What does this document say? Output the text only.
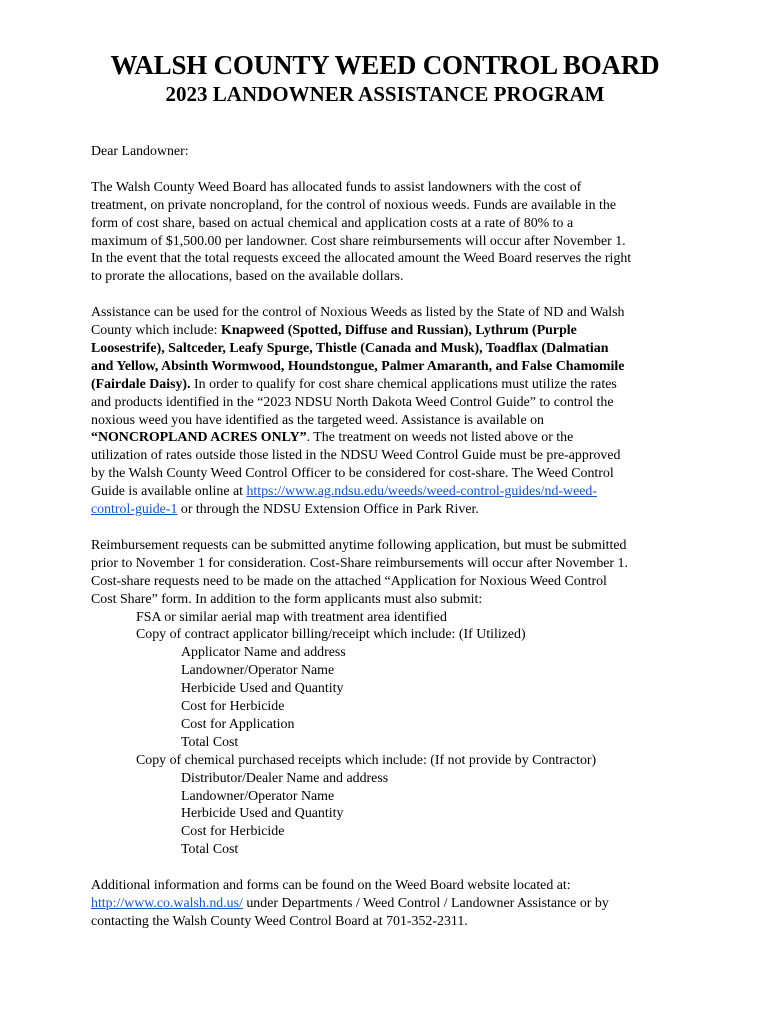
WALSH COUNTY WEED CONTROL BOARD
2023 LANDOWNER ASSISTANCE PROGRAM

Dear Landowner:

The Walsh County Weed Board has allocated funds to assist landowners with the cost of
treatment, on private noncropland, for the control of noxious weeds. Funds are available in the
form of cost share, based on actual chemical and application costs at a rate of 80% to a
maximum of $1,500.00 per landowner. Cost share reimbursements will occur after November 1.
In the event that the total requests exceed the allocated amount the Weed Board reserves the right
to prorate the allocations, based on the available dollars.
Assistance can be used for the control of Noxious Weeds as listed by the State of ND and Walsh
County which include: Knapweed (Spotted, Diffuse and Russian), Lythrum (Purple
Loosestrife), Saltceder, Leafy Spurge, Thistle (Canada and Musk), Toadflax (Dalmatian
and Yellow, Absinth Wormwood, Houndstongue, Palmer Amaranth, and False Chamomile
(Fairdale Daisy). In order to qualify for cost share chemical applications must utilize the rates
and products identified in the “2023 NDSU North Dakota Weed Control Guide” to control the
noxious weed you have identified as the targeted weed. Assistance is available on
“NONCROPLAND ACRES ONLY”. The treatment on weeds not listed above or the
utilization of rates outside those listed in the NDSU Weed Control Guide must be pre-approved
by the Walsh County Weed Control Officer to be considered for cost-share. The Weed Control
Guide is available online at https://www.ag.ndsu.edu/weeds/weed-control-guides/nd-weed-
control-guide-1 or through the NDSU Extension Office in Park River.
Reimbursement requests can be submitted anytime following application, but must be submitted
prior to November 1 for consideration. Cost-Share reimbursements will occur after November 1.
Cost-share requests need to be made on the attached “Application for Noxious Weed Control
Cost Share” form. In addition to the form applicants must also submit:
FSA or similar aerial map with treatment area identified
Copy of contract applicator billing/receipt which include: (If Utilized)
Applicator Name and address
Landowner/Operator Name
Herbicide Used and Quantity
Cost for Herbicide
Cost for Application
Total Cost
Copy of chemical purchased receipts which include: (If not provide by Contractor)
Distributor/Dealer Name and address
Landowner/Operator Name
Herbicide Used and Quantity
Cost for Herbicide
Total Cost
Additional information and forms can be found on the Weed Board website located at:
http://www.co.walsh.nd.us/ under Departments / Weed Control / Landowner Assistance or by
contacting the Walsh County Weed Control Board at 701-352-2311.
